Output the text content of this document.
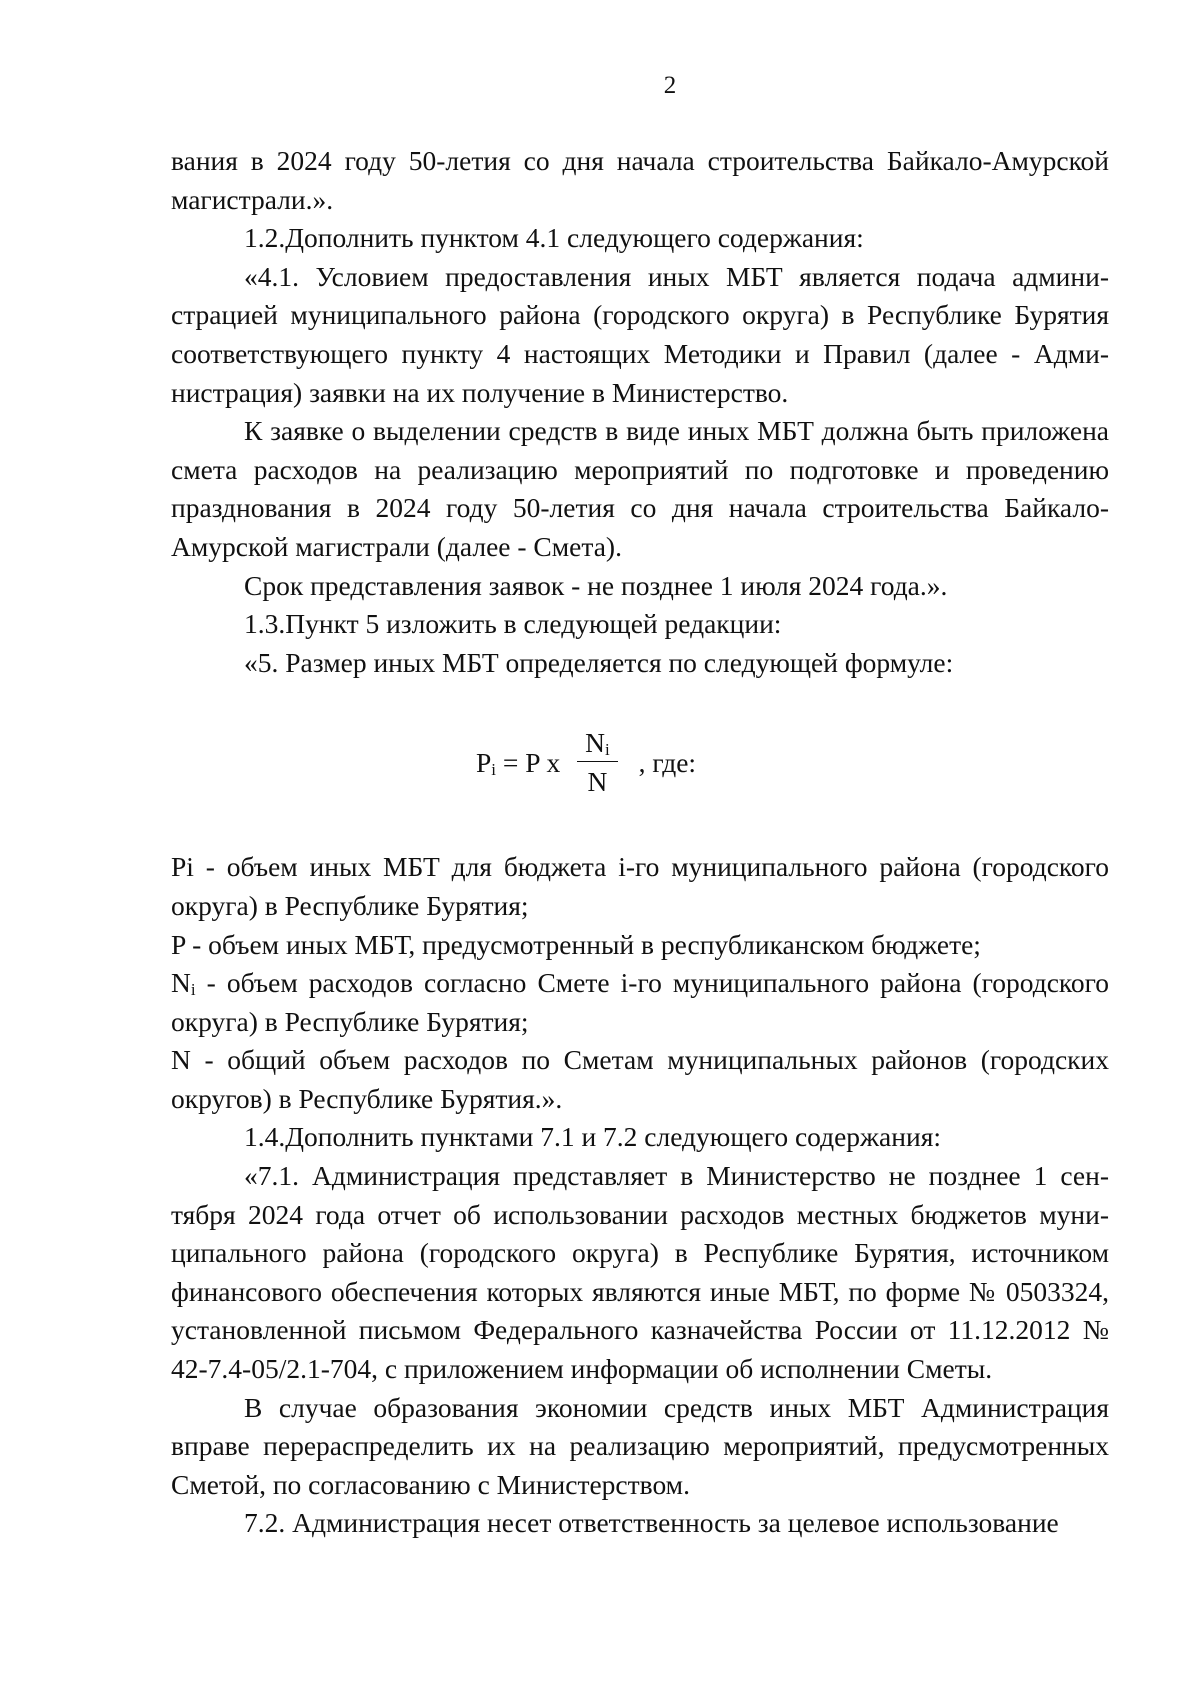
2

вания в 2024 году 50-летия со дня начала строительства Байкало-Амурской магистрали.».

1.2.Дополнить пунктом 4.1 следующего содержания:

«4.1. Условием предоставления иных МБТ является подача администрацией муниципального района (городского округа) в Республике Бурятия соответствующего пункту 4 настоящих Методики и Правил (далее - Администрация) заявки на их получение в Министерство.

К заявке о выделении средств в виде иных МБТ должна быть приложена смета расходов на реализацию мероприятий по подготовке и проведению празднования в 2024 году 50-летия со дня начала строительства Байкало-Амурской магистрали (далее - Смета).

Срок представления заявок - не позднее 1 июля 2024 года.».

1.3.Пункт 5 изложить в следующей редакции:

«5. Размер иных МБТ определяется по следующей формуле:

$P_i = P$ x $\frac{N_i}{N}$ , где:

Pi - объем иных МБТ для бюджета i-го муниципального района (городского округа) в Республике Бурятия;

P - объем иных МБТ, предусмотренный в республиканском бюджете;

$N_i$ - объем расходов согласно Смете i-го муниципального района (городского округа) в Республике Бурятия;

N - общий объем расходов по Сметам муниципальных районов (городских округов) в Республике Бурятия.».

1.4.Дополнить пунктами 7.1 и 7.2 следующего содержания:

«7.1. Администрация представляет в Министерство не позднее 1 сентября 2024 года отчет об использовании расходов местных бюджетов муниципального района (городского округа) в Республике Бурятия, источником финансового обеспечения которых являются иные МБТ, по форме № 0503324, установленной письмом Федерального казначейства России от 11.12.2012 № 42-7.4-05/2.1-704, с приложением информации об исполнении Сметы.

В случае образования экономии средств иных МБТ Администрация вправе перераспределить их на реализацию мероприятий, предусмотренных Сметой, по согласованию с Министерством.

7.2. Администрация несет ответственность за целевое использование
